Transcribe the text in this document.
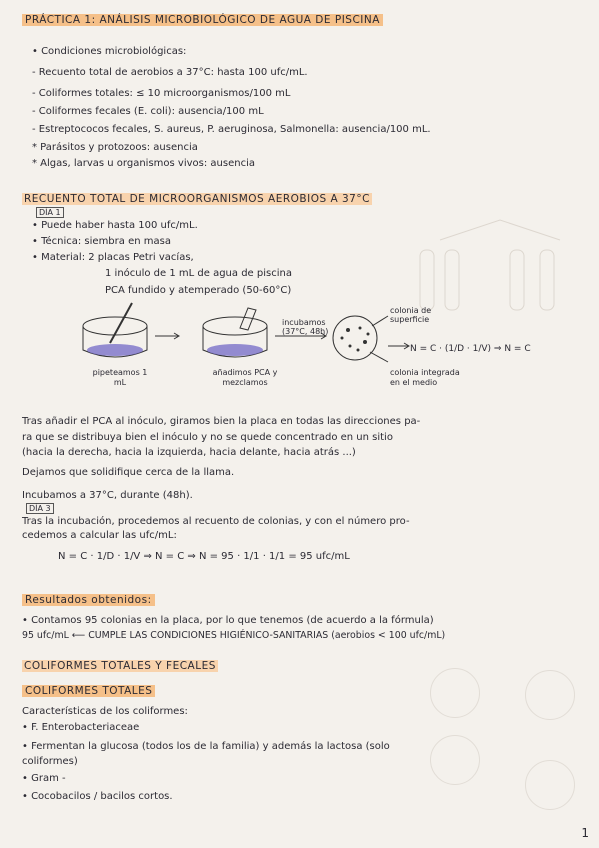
PRÁCTICA 1: ANÁLISIS MICROBIOLÓGICO DE AGUA DE PISCINA
• Condiciones microbiológicas:
- Recuento total de aerobios a 37°C: hasta 100 ufc/mL.
- Coliformes totales: ≤ 10 microorganismos/100 mL
- Coliformes fecales (E. coli): ausencia/100 mL
- Estreptococos fecales, S. aureus, P. aeruginosa, Salmonella: ausencia/100 mL.
* Parásitos y protozoos: ausencia
* Algas, larvas u organismos vivos: ausencia
RECUENTO TOTAL DE MICROORGANISMOS AEROBIOS A 37°C
DÍA 1
• Puede haber hasta 100 ufc/mL.
• Técnica: siembra en masa
• Material: 2 placas Petri vacías,
1 inóculo de 1 mL de agua de piscina
PCA fundido y atemperado (50-60°C)
incubamos (37°C, 48h)
colonia de superficie
N = C · (1/D · 1/V) ⇒ N = C
pipeteamos 1 mL
añadimos PCA y mezclamos
colonia integrada en el medio
Tras añadir el PCA al inóculo, giramos bien la placa en todas las direcciones pa-
ra que se distribuya bien el inóculo y no se quede concentrado en un sitio
(hacia la derecha, hacia la izquierda, hacia delante, hacia atrás ...)
Dejamos que solidifique cerca de la llama.
Incubamos a 37°C, durante (48h).
DÍA 3
Tras la incubación, procedemos al recuento de colonias, y con el número pro-
cedemos a calcular las ufc/mL:
N = C · 1/D · 1/V ⇒ N = C ⇒ N = 95 · 1/1 · 1/1 = 95 ufc/mL
Resultados obtenidos:
• Contamos 95 colonias en la placa, por lo que tenemos (de acuerdo a la fórmula)
95 ufc/mL ⟵ CUMPLE LAS CONDICIONES HIGIÉNICO-SANITARIAS (aerobios < 100 ufc/mL)
COLIFORMES TOTALES Y FECALES
COLIFORMES TOTALES
Características de los coliformes:
• F. Enterobacteriaceae
• Fermentan la glucosa (todos los de la familia) y además la lactosa (solo
coliformes)
• Gram -
• Cocobacilos / bacilos cortos.
1
